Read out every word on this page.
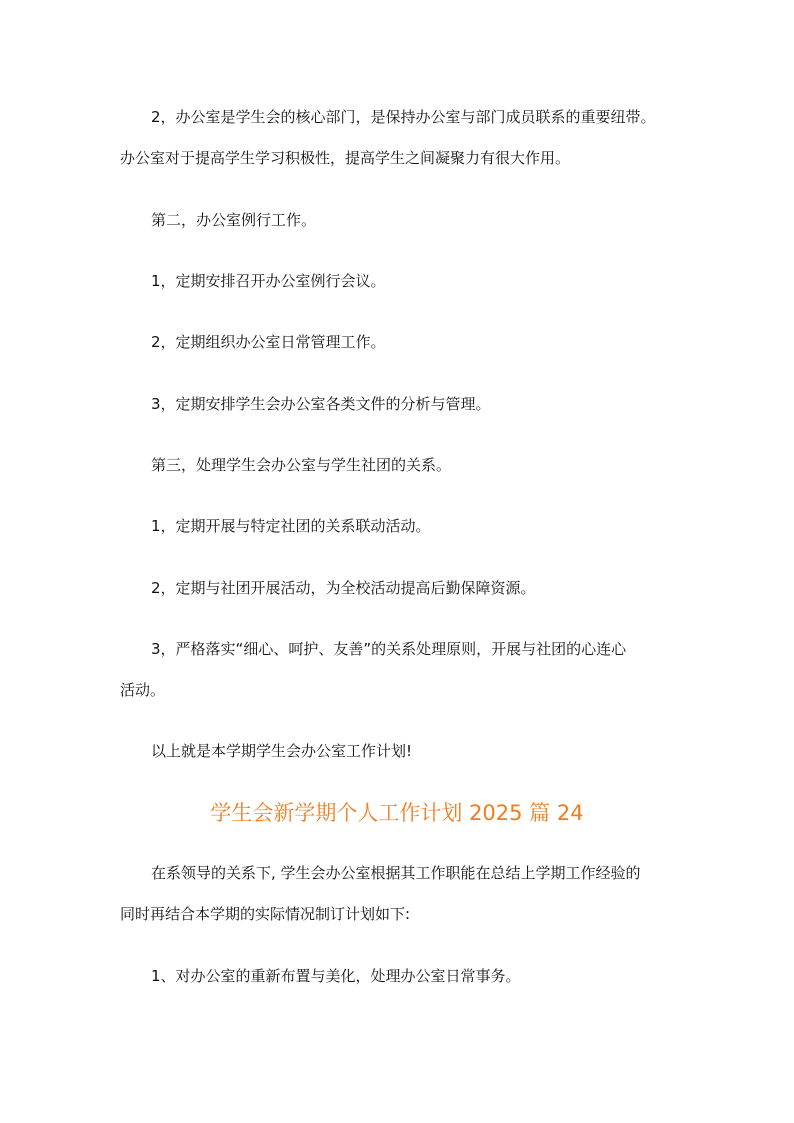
2，办公室是学生会的核心部门，是保持办公室与部门成员联系的重要纽带。
办公室对于提高学生学习积极性，提高学生之间凝聚力有很大作用。
第二，办公室例行工作。
1，定期安排召开办公室例行会议。
2，定期组织办公室日常管理工作。
3，定期安排学生会办公室各类文件的分析与管理。
第三，处理学生会办公室与学生社团的关系。
1，定期开展与特定社团的关系联动活动。
2，定期与社团开展活动，为全校活动提高后勤保障资源。
3，严格落实“细心、呵护、友善”的关系处理原则，开展与社团的心连心
活动。
以上就是本学期学生会办公室工作计划!
学生会新学期个人工作计划 2025 篇 24
在系领导的关系下, 学生会办公室根据其工作职能在总结上学期工作经验的
同时再结合本学期的实际情况制订计划如下:
1、对办公室的重新布置与美化，处理办公室日常事务。
